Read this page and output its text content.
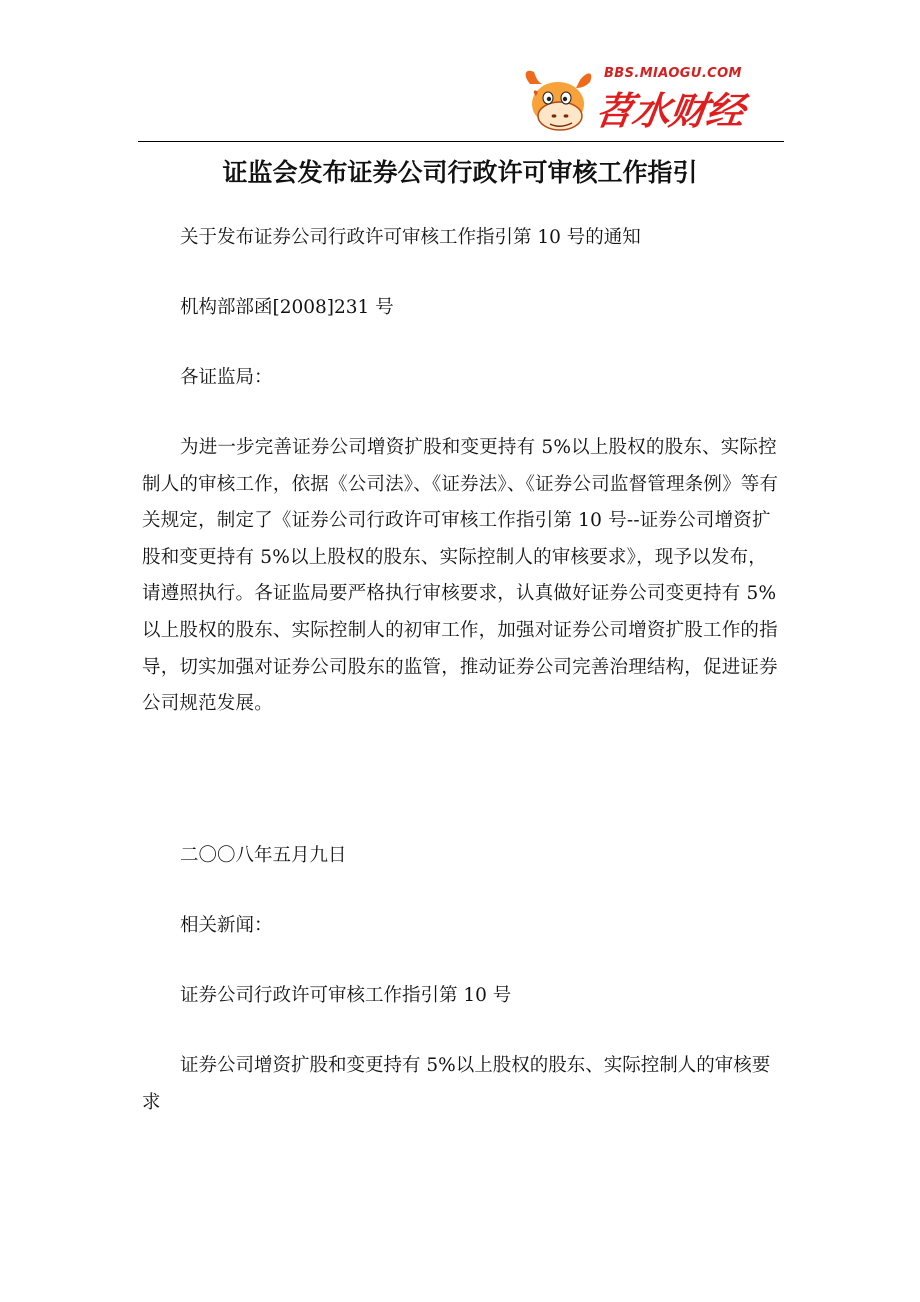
BBS.MIAOGU.COM
苕水财经
证监会发布证券公司行政许可审核工作指引

关于发布证券公司行政许可审核工作指引第 10 号的通知

机构部部函[2008]231 号

各证监局：

为进一步完善证券公司增资扩股和变更持有 5%以上股权的股东、实际控制人的审核工作，依据《公司法》、《证券法》、《证券公司监督管理条例》等有关规定，制定了《证券公司行政许可审核工作指引第 10 号--证券公司增资扩股和变更持有 5%以上股权的股东、实际控制人的审核要求》，现予以发布，请遵照执行。各证监局要严格执行审核要求，认真做好证券公司变更持有 5%以上股权的股东、实际控制人的初审工作，加强对证券公司增资扩股工作的指导，切实加强对证券公司股东的监管，推动证券公司完善治理结构，促进证券公司规范发展。

二〇〇八年五月九日

相关新闻：

证券公司行政许可审核工作指引第 10 号

证券公司增资扩股和变更持有 5%以上股权的股东、实际控制人的审核要求
